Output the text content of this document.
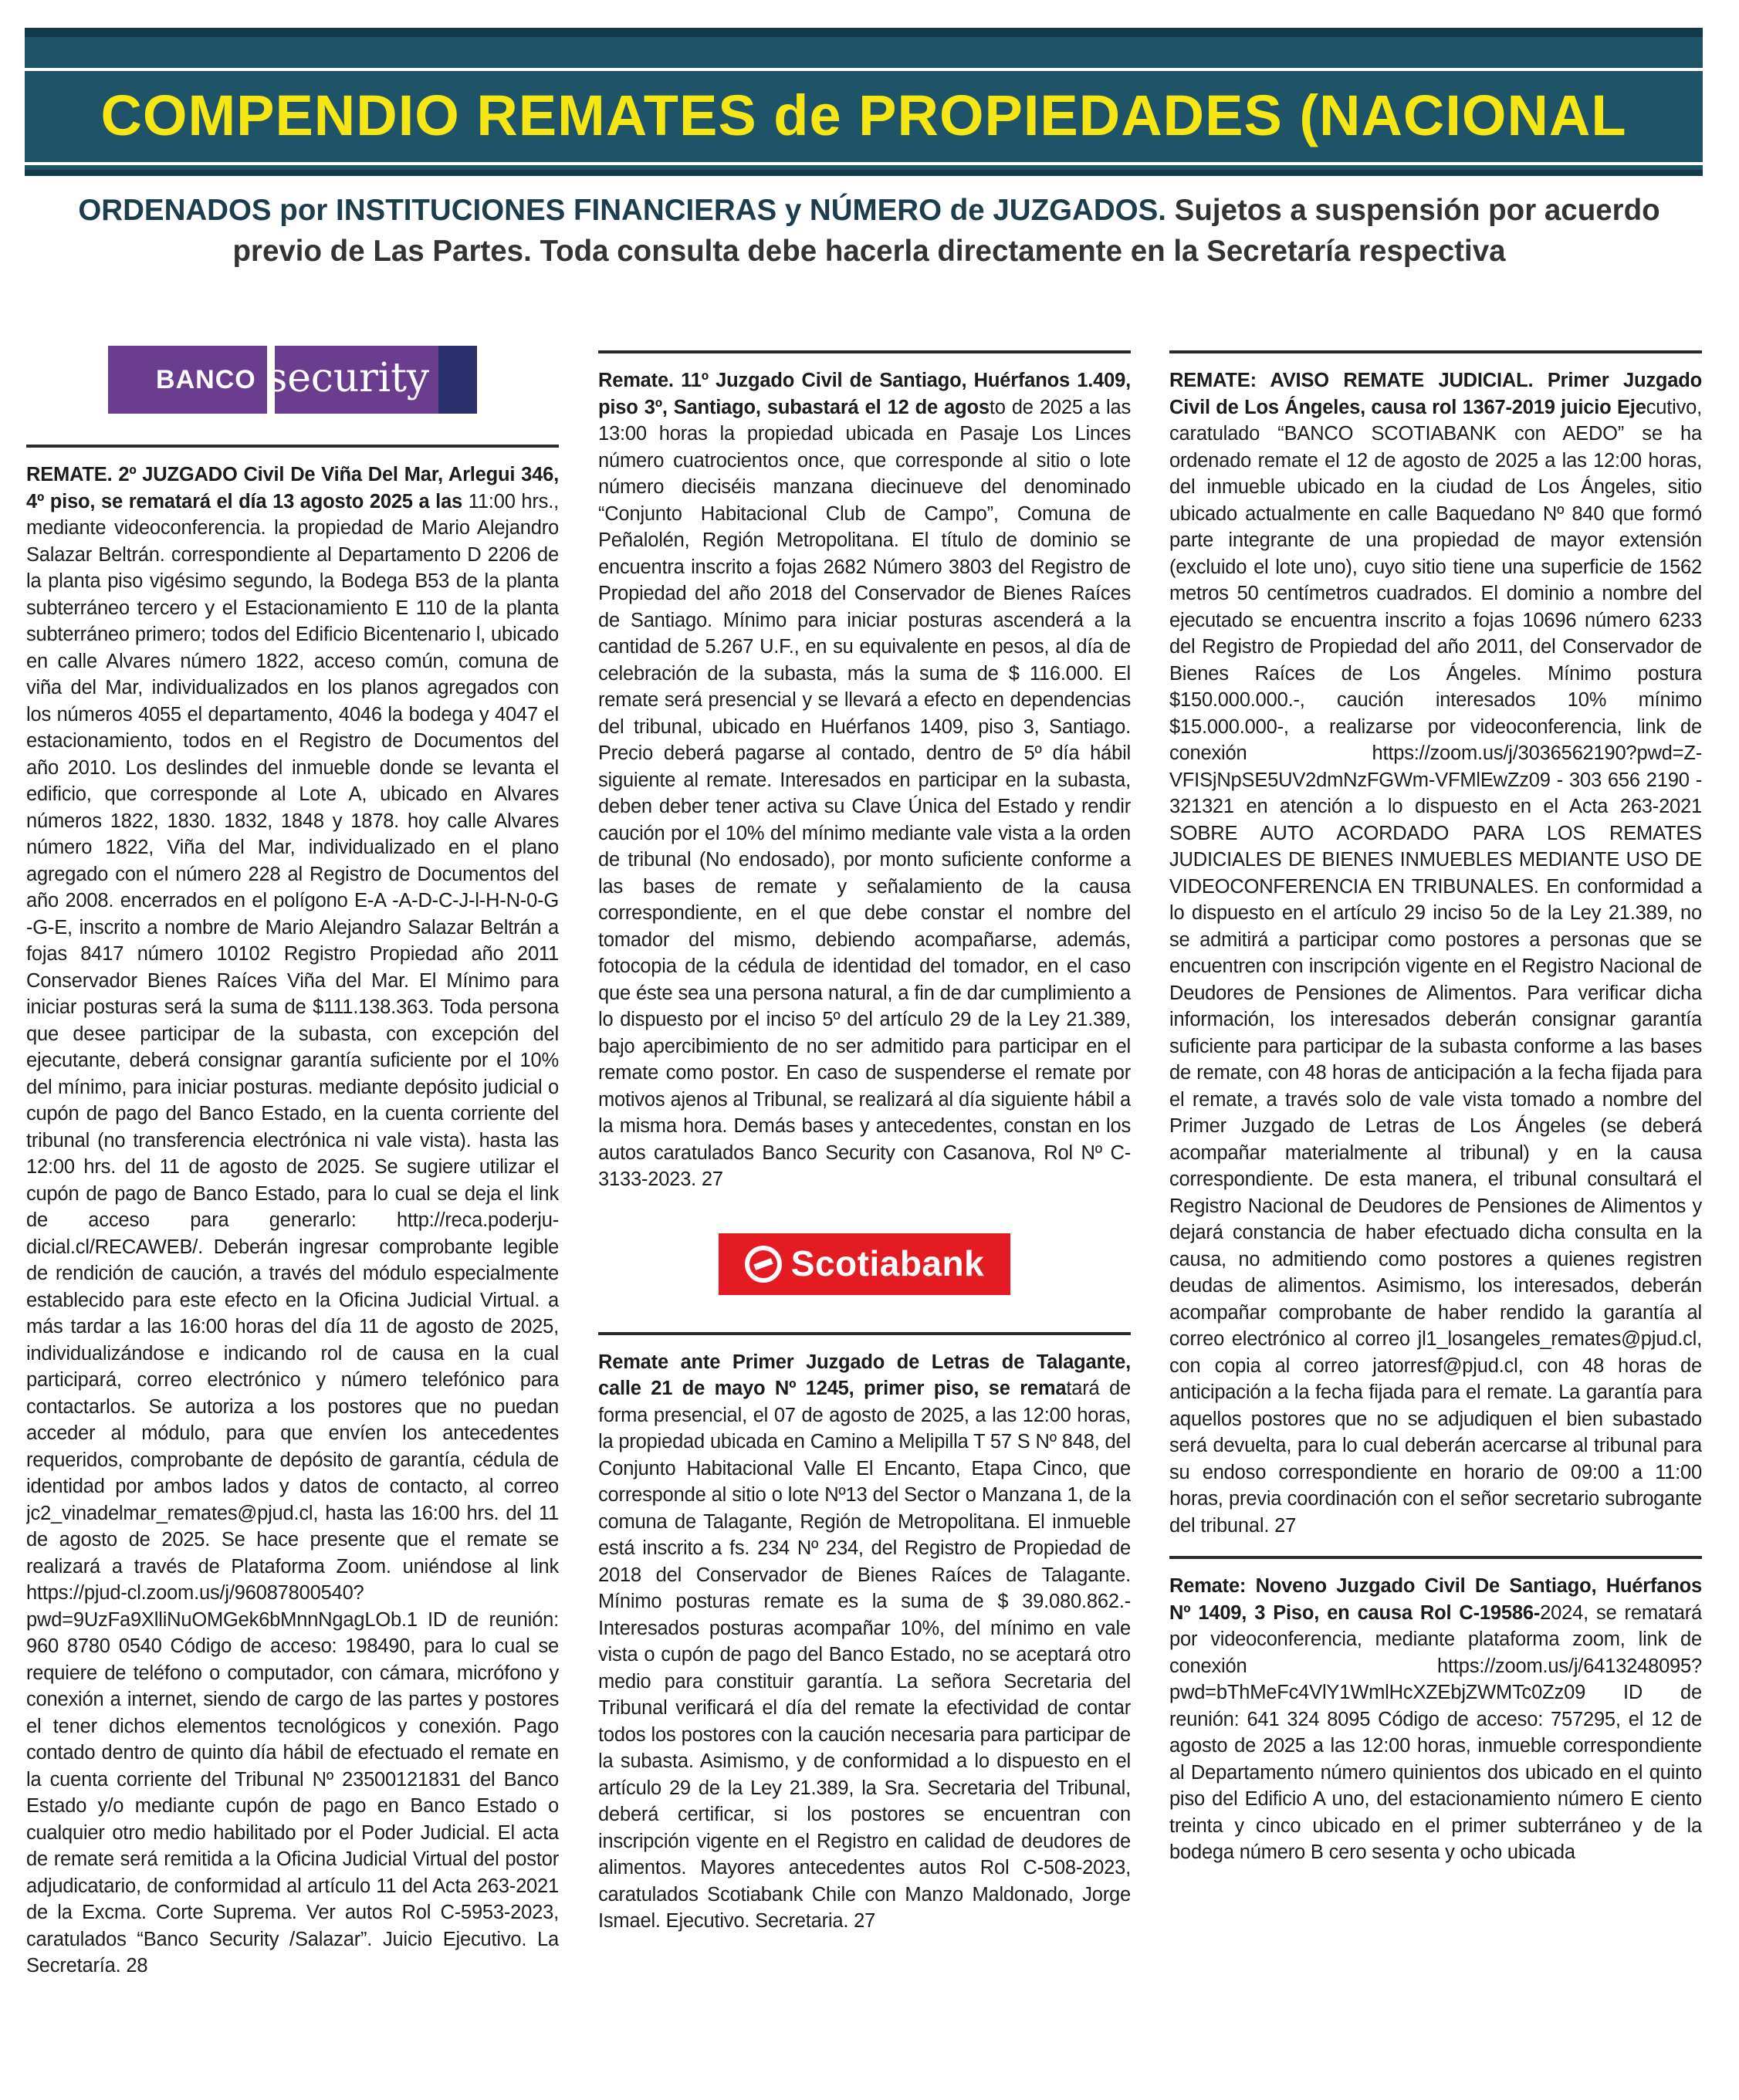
COMPENDIO REMATES de PROPIEDADES (NACIONAL
ORDENADOS por INSTITUCIONES FINANCIERAS y NÚMERO de JUZGADOS. Sujetos a suspensión por acuerdo previo de Las Partes. Toda consulta debe hacerla directamente en la Secretaría respectiva
BANCO security

REMATE. 2º JUZGADO Civil De Viña Del Mar, Arlegui 346, 4º piso, se rematará el día 13 agosto 2025 a las 11:00 hrs., mediante videoconferencia. la propiedad de Mario Alejandro Salazar Beltrán. correspondiente al Departamento D 2206 de la planta piso vigésimo segundo, la Bodega B53 de la planta subterráneo tercero y el Estacionamiento E 110 de la planta subterráneo primero; todos del Edificio Bicentenario l, ubicado en calle Alvares número 1822, acceso común, comuna de viña del Mar, individualizados en los planos agregados con los números 4055 el departamento, 4046 la bodega y 4047 el estacionamiento, todos en el Registro de Documentos del año 2010. Los deslindes del inmueble donde se levanta el edificio, que corresponde al Lote A, ubicado en Alvares números 1822, 1830. 1832, 1848 y 1878. hoy calle Alvares número 1822, Viña del Mar, individualizado en el plano agregado con el número 228 al Registro de Documentos del año 2008. encerrados en el polígono E-A -A-D-C-J-l-H-N-0-G -G-E, inscrito a nombre de Mario Alejandro Salazar Beltrán a fojas 8417 número 10102 Registro Propiedad año 2011 Conservador Bienes Raíces Viña del Mar. El Mínimo para iniciar posturas será la suma de $111.138.363. Toda persona que desee participar de la subasta, con excepción del ejecutante, deberá consignar garantía suficiente por el 10% del mínimo, para iniciar posturas. mediante depósito judicial o cupón de pago del Banco Estado, en la cuenta corriente del tribunal (no transferencia electrónica ni vale vista). hasta las 12:00 hrs. del 11 de agosto de 2025. Se sugiere utilizar el cupón de pago de Banco Estado, para lo cual se deja el link de acceso para generarlo: http://reca.poderju-dicial.cl/RECAWEB/. Deberán ingresar comprobante legible de rendición de caución, a través del módulo especialmente establecido para este efecto en la Oficina Judicial Virtual. a más tardar a las 16:00 horas del día 11 de agosto de 2025, individualizándose e indicando rol de causa en la cual participará, correo electrónico y número telefónico para contactarlos. Se autoriza a los postores que no puedan acceder al módulo, para que envíen los antecedentes requeridos, comprobante de depósito de garantía, cédula de identidad por ambos lados y datos de contacto, al correo jc2_vinadelmar_remates@pjud.cl, hasta las 16:00 hrs. del 11 de agosto de 2025. Se hace presente que el remate se realizará a través de Plataforma Zoom. uniéndose al link https://pjud-cl.zoom.us/j/96087800540?pwd=9UzFa9XlliNuOMGek6bMnnNgagLOb.1 ID de reunión: 960 8780 0540 Código de acceso: 198490, para lo cual se requiere de teléfono o computador, con cámara, micrófono y conexión a internet, siendo de cargo de las partes y postores el tener dichos elementos tecnológicos y conexión. Pago contado dentro de quinto día hábil de efectuado el remate en la cuenta corriente del Tribunal Nº 23500121831 del Banco Estado y/o mediante cupón de pago en Banco Estado o cualquier otro medio habilitado por el Poder Judicial. El acta de remate será remitida a la Oficina Judicial Virtual del postor adjudicatario, de conformidad al artículo 11 del Acta 263-2021 de la Excma. Corte Suprema. Ver autos Rol C-5953-2023, caratulados “Banco Security /Salazar”. Juicio Ejecutivo. La Secretaría. 28

Remate. 11º Juzgado Civil de Santiago, Huérfanos 1.409, piso 3º, Santiago, subastará el 12 de agosto de 2025 a las 13:00 horas la propiedad ubicada en Pasaje Los Linces número cuatrocientos once, que corresponde al sitio o lote número dieciséis manzana diecinueve del denominado “Conjunto Habitacional Club de Campo”, Comuna de Peñalolén, Región Metropolitana. El título de dominio se encuentra inscrito a fojas 2682 Número 3803 del Registro de Propiedad del año 2018 del Conservador de Bienes Raíces de Santiago. Mínimo para iniciar posturas ascenderá a la cantidad de 5.267 U.F., en su equivalente en pesos, al día de celebración de la subasta, más la suma de $ 116.000. El remate será presencial y se llevará a efecto en dependencias del tribunal, ubicado en Huérfanos 1409, piso 3, Santiago. Precio deberá pagarse al contado, dentro de 5º día hábil siguiente al remate. Interesados en participar en la subasta, deben deber tener activa su Clave Única del Estado y rendir caución por el 10% del mínimo mediante vale vista a la orden de tribunal (No endosado), por monto suficiente conforme a las bases de remate y señalamiento de la causa correspondiente, en el que debe constar el nombre del tomador del mismo, debiendo acompañarse, además, fotocopia de la cédula de identidad del tomador, en el caso que éste sea una persona natural, a fin de dar cumplimiento a lo dispuesto por el inciso 5º del artículo 29 de la Ley 21.389, bajo apercibimiento de no ser admitido para participar en el remate como postor. En caso de suspenderse el remate por motivos ajenos al Tribunal, se realizará al día siguiente hábil a la misma hora. Demás bases y antecedentes, constan en los autos caratulados Banco Security con Casanova, Rol Nº C-3133-2023. 27

Scotiabank

Remate ante Primer Juzgado de Letras de Talagante, calle 21 de mayo Nº 1245, primer piso, se rematará de forma presencial, el 07 de agosto de 2025, a las 12:00 horas, la propiedad ubicada en Camino a Melipilla T 57 S Nº 848, del Conjunto Habitacional Valle El Encanto, Etapa Cinco, que corresponde al sitio o lote Nº13 del Sector o Manzana 1, de la comuna de Talagante, Región de Metropolitana. El inmueble está inscrito a fs. 234 Nº 234, del Registro de Propiedad de 2018 del Conservador de Bienes Raíces de Talagante. Mínimo posturas remate es la suma de $ 39.080.862.- Interesados posturas acompañar 10%, del mínimo en vale vista o cupón de pago del Banco Estado, no se aceptará otro medio para constituir garantía. La señora Secretaria del Tribunal verificará el día del remate la efectividad de contar todos los postores con la caución necesaria para participar de la subasta. Asimismo, y de conformidad a lo dispuesto en el artículo 29 de la Ley 21.389, la Sra. Secretaria del Tribunal, deberá certificar, si los postores se encuentran con inscripción vigente en el Registro en calidad de deudores de alimentos. Mayores antecedentes autos Rol C-508-2023, caratulados Scotiabank Chile con Manzo Maldonado, Jorge Ismael. Ejecutivo. Secretaria. 27

REMATE: AVISO REMATE JUDICIAL. Primer Juzgado Civil de Los Ángeles, causa rol 1367-2019 juicio Ejecutivo, caratulado “BANCO SCOTIABANK con AEDO” se ha ordenado remate el 12 de agosto de 2025 a las 12:00 horas, del inmueble ubicado en la ciudad de Los Ángeles, sitio ubicado actualmente en calle Baquedano Nº 840 que formó parte integrante de una propiedad de mayor extensión (excluido el lote uno), cuyo sitio tiene una superficie de 1562 metros 50 centímetros cuadrados. El dominio a nombre del ejecutado se encuentra inscrito a fojas 10696 número 6233 del Registro de Propiedad del año 2011, del Conservador de Bienes Raíces de Los Ángeles. Mínimo postura $150.000.000.-, caución interesados 10% mínimo $15.000.000-, a realizarse por videoconferencia, link de conexión https://zoom.us/j/3036562190?pwd=Z-VFISjNpSE5UV2dmNzFGWm-VFMlEwZz09 - 303 656 2190 - 321321 en atención a lo dispuesto en el Acta 263-2021 SOBRE AUTO ACORDADO PARA LOS REMATES JUDICIALES DE BIENES INMUEBLES MEDIANTE USO DE VIDEOCONFERENCIA EN TRIBUNALES. En conformidad a lo dispuesto en el artículo 29 inciso 5o de la Ley 21.389, no se admitirá a participar como postores a personas que se encuentren con inscripción vigente en el Registro Nacional de Deudores de Pensiones de Alimentos. Para verificar dicha información, los interesados deberán consignar garantía suficiente para participar de la subasta conforme a las bases de remate, con 48 horas de anticipación a la fecha fijada para el remate, a través solo de vale vista tomado a nombre del Primer Juzgado de Letras de Los Ángeles (se deberá acompañar materialmente al tribunal) y en la causa correspondiente. De esta manera, el tribunal consultará el Registro Nacional de Deudores de Pensiones de Alimentos y dejará constancia de haber efectuado dicha consulta en la causa, no admitiendo como postores a quienes registren deudas de alimentos. Asimismo, los interesados, deberán acompañar comprobante de haber rendido la garantía al correo electrónico al correo jl1_losangeles_remates@pjud.cl, con copia al correo jatorresf@pjud.cl, con 48 horas de anticipación a la fecha fijada para el remate. La garantía para aquellos postores que no se adjudiquen el bien subastado será devuelta, para lo cual deberán acercarse al tribunal para su endoso correspondiente en horario de 09:00 a 11:00 horas, previa coordinación con el señor secretario subrogante del tribunal. 27

Remate: Noveno Juzgado Civil De Santiago, Huérfanos Nº 1409, 3 Piso, en causa Rol C-19586-2024, se rematará por videoconferencia, mediante plataforma zoom, link de conexión https://zoom.us/j/6413248095?pwd=bThMeFc4VlY1WmlHcXZEbjZWMTc0Zz09 ID de reunión: 641 324 8095 Código de acceso: 757295, el 12 de agosto de 2025 a las 12:00 horas, inmueble correspondiente al Departamento número quinientos dos ubicado en el quinto piso del Edificio A uno, del estacionamiento número E ciento treinta y cinco ubicado en el primer subterráneo y de la bodega número B cero sesenta y ocho ubicada
